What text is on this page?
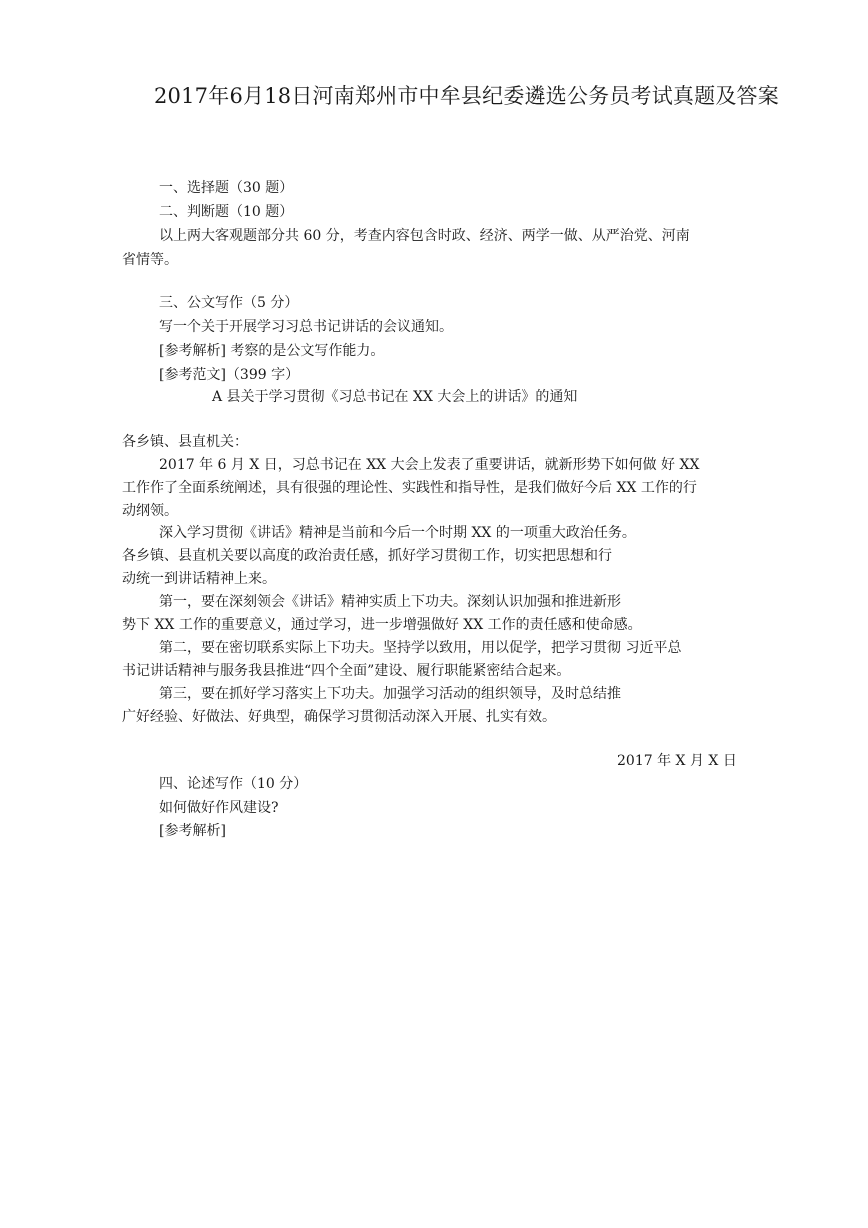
2017年6月18日河南郑州市中牟县纪委遴选公务员考试真题及答案
一、选择题（30 题）
二、判断题（10 题）
以上两大客观题部分共 60 分，考查内容包含时政、经济、两学一做、从严治党、河南
省情等。
三、公文写作（5 分）
写一个关于开展学习习总书记讲话的会议通知。
[参考解析] 考察的是公文写作能力。
[参考范文]（399 字）
A 县关于学习贯彻《习总书记在 XX 大会上的讲话》的通知
各乡镇、县直机关：
2017 年 6 月 X 日，习总书记在 XX 大会上发表了重要讲话，就新形势下如何做 好 XX
工作作了全面系统阐述，具有很强的理论性、实践性和指导性，是我们做好今后 XX 工作的行
动纲领。
深入学习贯彻《讲话》精神是当前和今后一个时期 XX 的一项重大政治任务。
各乡镇、县直机关要以高度的政治责任感，抓好学习贯彻工作，切实把思想和行
动统一到讲话精神上来。
第一，要在深刻领会《讲话》精神实质上下功夫。深刻认识加强和推进新形
势下 XX 工作的重要意义，通过学习，进一步增强做好 XX 工作的责任感和使命感。
第二，要在密切联系实际上下功夫。坚持学以致用，用以促学，把学习贯彻 习近平总
书记讲话精神与服务我县推进“四个全面”建设、履行职能紧密结合起来。
第三，要在抓好学习落实上下功夫。加强学习活动的组织领导，及时总结推
广好经验、好做法、好典型，确保学习贯彻活动深入开展、扎实有效。
2017 年 X 月 X 日
四、论述写作（10 分）
如何做好作风建设?
[参考解析]
